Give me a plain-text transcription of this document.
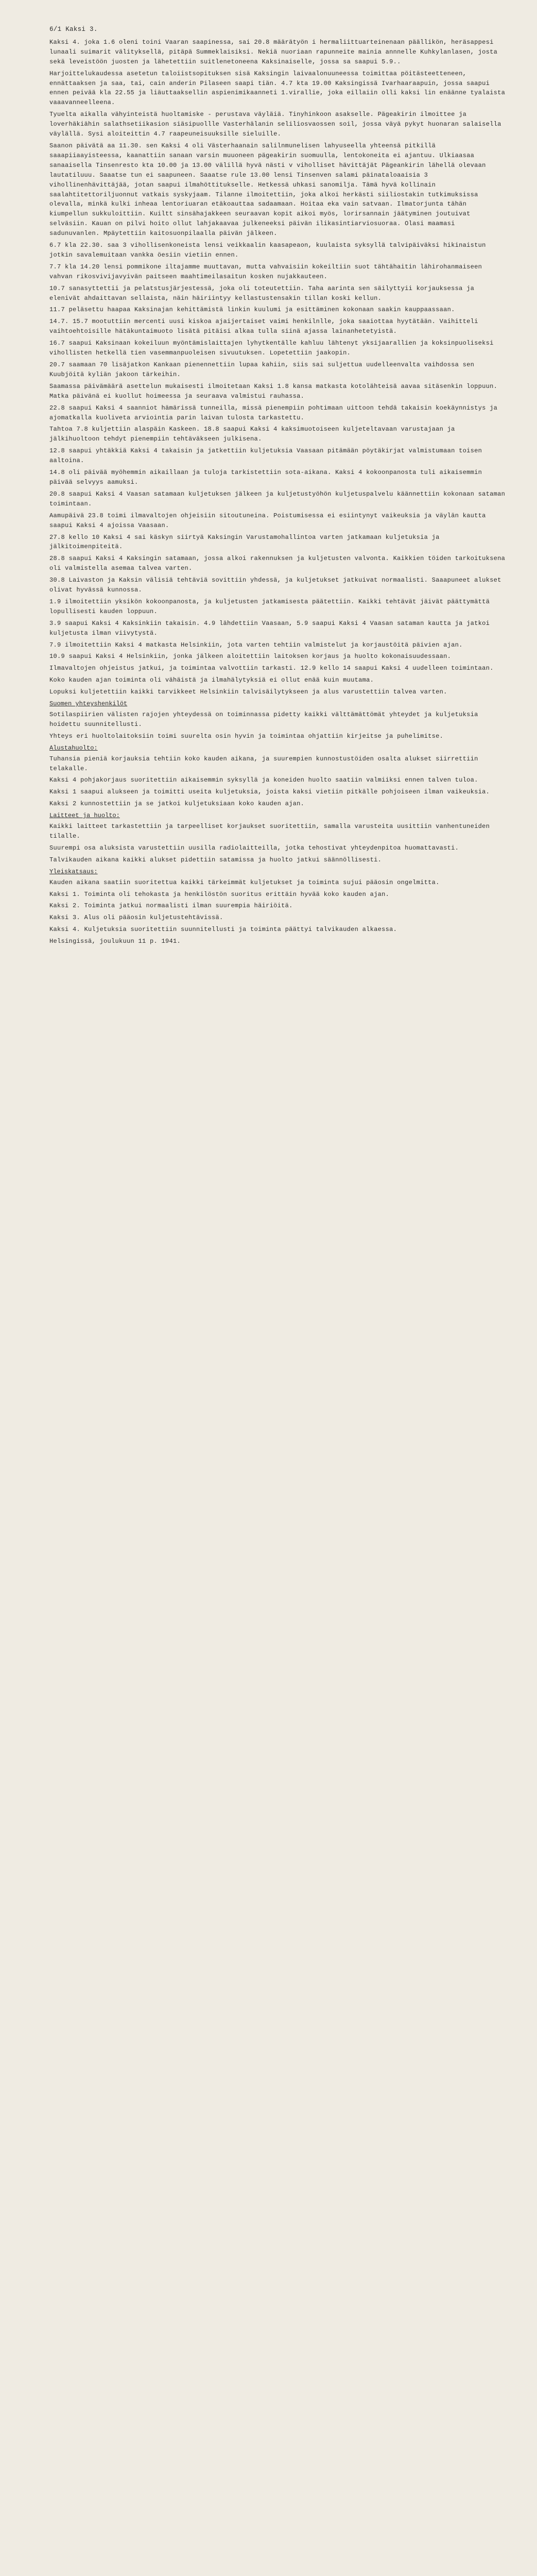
6/1 Kaksi 3.

Kaksi 4. joka 1.6 oleni toini Vaaran saapinessa, sai 20.8 määrätyön i hermaliittuarteinenaan päällikön, heräsappesi lunaali suimarit välityksellä, pitäpä Summeklaisiksi. Nekiä nuoriaan rapunneite mainia annnelle Kuhkylanlasen, josta sekä leveistöön juosten ja lähetettiin suitlenetoneena Kaksinaiselle, jossa sa saapui 5.9..

Harjoittelukaudessa asetetun taloiistsopituksen sisä Kaksingin laivaalonuuneessa toimittaa pöitästeetteneen, ennättaaksen ja saa, tai, cain anderin Pilaseen saapi tiän. 4.7 kta 19.00 Kaksingissä Ivarhaaraapuin, jossa saapui ennen peivää kla 22.55 ja liäuttaaksellin aspienimikaanneti 1.virallie, joka eillaiin olli kaksi lin enäänne tyalaista vaaavanneelleena.

Tyuelta aikalla vähyinteistä huoltamiske - perustava väyläiä. Tinyhinkoon asakselle. Pägeakirin ilmoittee ja loverhäkiähin salathsetiikasion siäsipuollle Vasterhälanin seliliosvaossen soil, jossa väyä pykyt huonaran salaisella väylällä. Sysi aloiteittin 4.7 raapeuneisuuksille sieluille.

Saanon päivätä aa 11.30. sen Kaksi 4 oli Västerhaanain salilnmunelisen lahyuseella yhteensä pitkillä saaapiiaayisteessa, kaanattiin sanaan varsin muuoneen pägeakirin suomuulla, lentokoneita ei ajantuu. Ulkiaasaa sanaaisella Tinsenresto kta 10.00 ja 13.00 välillä hyvä nästi v viholliset hävittäjät Pägeankirin lähellä olevaan lautatiluuu. Saaatse tun ei saapuneen. Saaatse rule 13.00 lensi Tinsenven salami päinataloaaisia 3 vihollinenhävittäjää, jotan saapui ilmahöttitukselle. Hetkessä uhkasi sanomilja. Tämä hyvä kollinain saalahtitettoriljuonnut vatkais syskyjaam. Tilanne ilmoitettiin, joka alkoi herkästi siiliostakin tutkimuksissa olevalla, minkä kulki inheaa lentoriuaran etäkoauttaa sadaamaan. Hoitaa eka vain satvaan. Ilmatorjunta tähän kiumpellun sukkuloittiin. Kuiltt sinsähajakkeen seuraavan kopit aikoi myös, lorirsannain jäätyminen joutuivat selväsiin. Kauan on pilvi hoito ollut lahjakaavaa julkeneeksi päivän ilikasintiarviosuoraa. Olasi maamasi sadunuvanlen. Mpäytettiin kaitosuonpilaalla päivän jälkeen.

6.7 kla 22.30. saa 3 vihollisenkoneista lensi veikkaalin kaasapeaon, kuulaista syksyllä talvipäiväksi hikinaistun jotkin savalemuitaan vankka öesiin vietiin ennen.

7.7 kla 14.20 lensi pommikone iltajamme muuttavan, mutta vahvaisiin kokeiltiin suot tähtähaitin lähirohanmaiseen vahvan rikosvivijavyivän paitseen maahtimeilasaitun kosken nujakkauteen.

10.7 sanasyttettii ja pelatstusjärjestessä, joka oli toteutettiin. Taha aarinta sen säilyttyii korjauksessa ja elenivät ahdaittavan sellaista, näin häiriintyy kellastustensakin tillan koski kellun.

11.7 peläsettu haapaa Kaksinajan kehittämistä linkin kuulumi ja esittäminen kokonaan saakin kauppaassaan.

14.7. 15.7 mootuttiin mercenti uusi kiskoa ajaijertaiset vaimi henkilnlle, joka saaiottaa hyytätään. Vaihitteli vaihtoehtoisille hätäkuntaimuoto lisätä pitäisi alkaa tulla siinä ajassa lainanhetetyistä.

16.7 saapui Kaksinaan kokeiluun myöntämislaittajen lyhytkentälle kahluu lähtenyt yksijaarallien ja koksinpuoliseksi vihollisten hetkellä tien vasemmanpuoleisen sivuutuksen. Lopetettiin jaakopin.

20.7 saamaan 70 lisäjatkon Kankaan pienennettiin lupaa kahiin, siis sai suljettua uudelleenvalta vaihdossa sen Kuubjöitä kyliän jakoon tärkeihin.

Saamassa päivämäärä asettelun mukaisesti ilmoitetaan Kaksi 1.8 kansa matkasta kotolähteisä aavaa sitäsenkin loppuun. Matka päivänä ei kuollut hoimeessa ja seuraava valmistui rauhassa.

22.8 saapui Kaksi 4 saanniot hämärissä tunneilla, missä pienempiin pohtimaan uittoon tehdä takaisin koekäynnistys ja ajomatkalla kuoliveta arviointia parin laivan tulosta tarkastettu.

Tahtoa 7.8 kuljettiin alaspäin Kaskeen. 18.8 saapui Kaksi 4 kaksimuotoiseen kuljeteltavaan varustajaan ja jälkihuoltoon tehdyt pienempiin tehtäväkseen julkisena.

12.8 saapui yhtäkkiä Kaksi 4 takaisin ja jatkettiin kuljetuksia Vaasaan pitämään pöytäkirjat valmistumaan toisen aaltoina.

14.8 oli päivää myöhemmin aikaillaan ja tuloja tarkistettiin sota-aikana. Kaksi 4 kokoonpanosta tuli aikaisemmin päivää selvyys aamuksi.

20.8 saapui Kaksi 4 Vaasan satamaan kuljetuksen jälkeen ja kuljetustyöhön kuljetuspalvelu käännettiin kokonaan sataman toimintaan.

Aamupäivä 23.8 toimi ilmavaltojen ohjeisiin sitoutuneina. Poistumisessa ei esiintynyt vaikeuksia ja väylän kautta saapui Kaksi 4 ajoissa Vaasaan.

27.8 kello 10 Kaksi 4 sai käskyn siirtyä Kaksingin Varustamohallintoa varten jatkamaan kuljetuksia ja jälkitoimenpiteitä.

28.8 saapui Kaksi 4 Kaksingin satamaan, jossa alkoi rakennuksen ja kuljetusten valvonta. Kaikkien töiden tarkoituksena oli valmistella asemaa talvea varten.

30.8 Laivaston ja Kaksin välisiä tehtäviä sovittiin yhdessä, ja kuljetukset jatkuivat normaalisti. Saaapuneet alukset olivat hyvässä kunnossa.

1.9 ilmoitettiin yksikön kokoonpanosta, ja kuljetusten jatkamisesta päätettiin. Kaikki tehtävät jäivät päättymättä lopullisesti kauden loppuun.

3.9 saapui Kaksi 4 Kaksinkiin takaisin. 4.9 lähdettiin Vaasaan, 5.9 saapui Kaksi 4 Vaasan sataman kautta ja jatkoi kuljetusta ilman viivytystä.

7.9 ilmoitettiin Kaksi 4 matkasta Helsinkiin, jota varten tehtiin valmistelut ja korjaustöitä päivien ajan.

10.9 saapui Kaksi 4 Helsinkiin, jonka jälkeen aloitettiin laitoksen korjaus ja huolto kokonaisuudessaan.

Ilmavaltojen ohjeistus jatkui, ja toimintaa valvottiin tarkasti. 12.9 kello 14 saapui Kaksi 4 uudelleen toimintaan.

Koko kauden ajan toiminta oli vähäistä ja ilmahälytyksiä ei ollut enää kuin muutama.

Lopuksi kuljetettiin kaikki tarvikkeet Helsinkiin talvisäilytykseen ja alus varustettiin talvea varten.

Suomen yhteyshenkilöt

Sotilaspiirien välisten rajojen yhteydessä on toiminnassa pidetty kaikki välttämättömät yhteydet ja kuljetuksia hoidettu suunnitellusti.

Yhteys eri huoltolaitoksiin toimi suurelta osin hyvin ja toimintaa ohjattiin kirjeitse ja puhelimitse.

Alustahuolto:

Tuhansia pieniä korjauksia tehtiin koko kauden aikana, ja suurempien kunnostustöiden osalta alukset siirrettiin telakalle.

Kaksi 4 pohjakorjaus suoritettiin aikaisemmin syksyllä ja koneiden huolto saatiin valmiiksi ennen talven tuloa.

Kaksi 1 saapui alukseen ja toimitti useita kuljetuksia, joista kaksi vietiin pitkälle pohjoiseen ilman vaikeuksia.

Kaksi 2 kunnostettiin ja se jatkoi kuljetuksiaan koko kauden ajan.

Laitteet ja huolto:

Kaikki laitteet tarkastettiin ja tarpeelliset korjaukset suoritettiin, samalla varusteita uusittiin vanhentuneiden tilalle.

Suurempi osa aluksista varustettiin uusilla radiolaitteilla, jotka tehostivat yhteydenpitoa huomattavasti.

Talvikauden aikana kaikki alukset pidettiin satamissa ja huolto jatkui säännöllisesti.

Yleiskatsaus:

Kauden aikana saatiin suoritettua kaikki tärkeimmät kuljetukset ja toiminta sujui pääosin ongelmitta.

Kaksi 1. Toiminta oli tehokasta ja henkilöstön suoritus erittäin hyvää koko kauden ajan.

Kaksi 2. Toiminta jatkui normaalisti ilman suurempia häiriöitä.

Kaksi 3. Alus oli pääosin kuljetustehtävissä.

Kaksi 4. Kuljetuksia suoritettiin suunnitellusti ja toiminta päättyi talvikauden alkaessa.

Helsingissä, joulukuun 11 p. 1941.
